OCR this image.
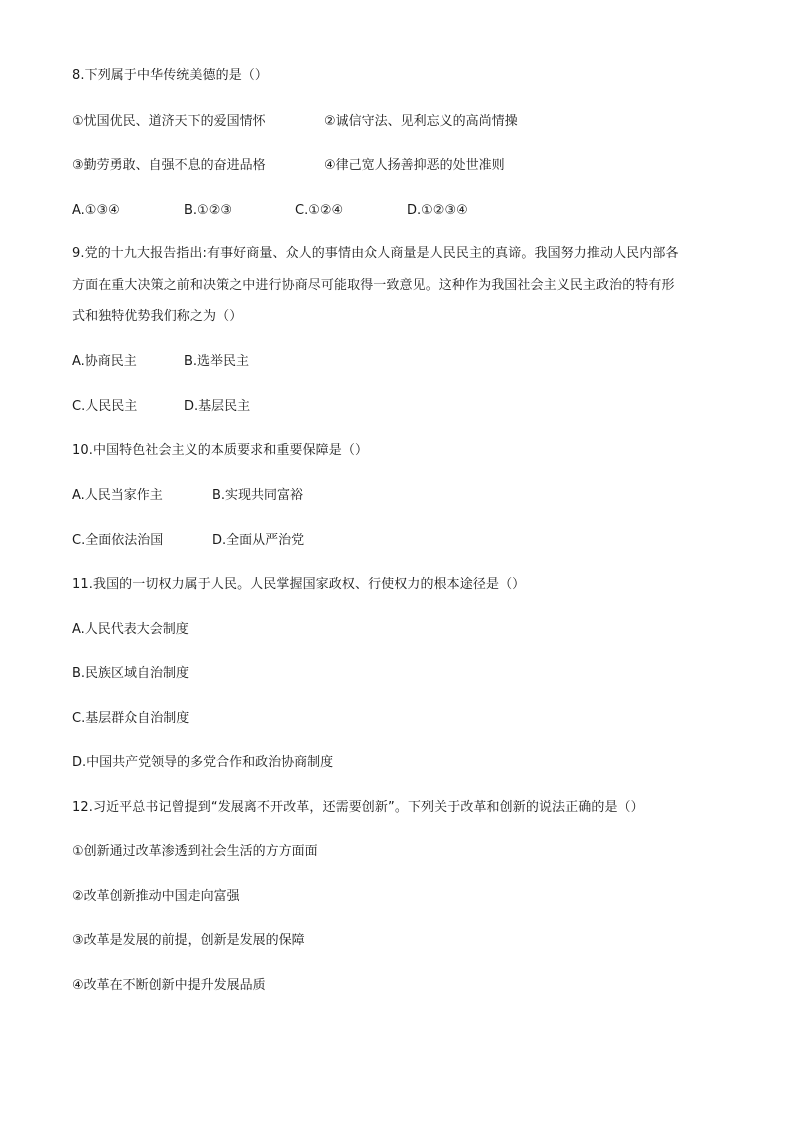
8.下列属于中华传统美德的是（）
①忧国优民、道济天下的爱国情怀	②诚信守法、见利忘义的高尚情操
③勤劳勇敢、自强不息的奋进品格	④律己宽人扬善抑恶的处世准则
A.①③④	B.①②③	C.①②④	D.①②③④
9.党的十九大报告指出:有事好商量、众人的事情由众人商量是人民民主的真谛。我国努力推动人民内部各
方面在重大决策之前和决策之中进行协商尽可能取得一致意见。这种作为我国社会主义民主政治的特有形
式和独特优势我们称之为（）
A.协商民主	B.选举民主
C.人民民主	D.基层民主
10.中国特色社会主义的本质要求和重要保障是（）
A.人民当家作主	B.实现共同富裕
C.全面依法治国	D.全面从严治党
11.我国的一切权力属于人民。人民掌握国家政权、行使权力的根本途径是（）
A.人民代表大会制度
B.民族区域自治制度
C.基层群众自治制度
D.中国共产党领导的多党合作和政治协商制度
12.习近平总书记曾提到“发展离不开改革，还需要创新”。下列关于改革和创新的说法正确的是（）
①创新通过改革渗透到社会生活的方方面面
②改革创新推动中国走向富强
③改革是发展的前提，创新是发展的保障
④改革在不断创新中提升发展品质
